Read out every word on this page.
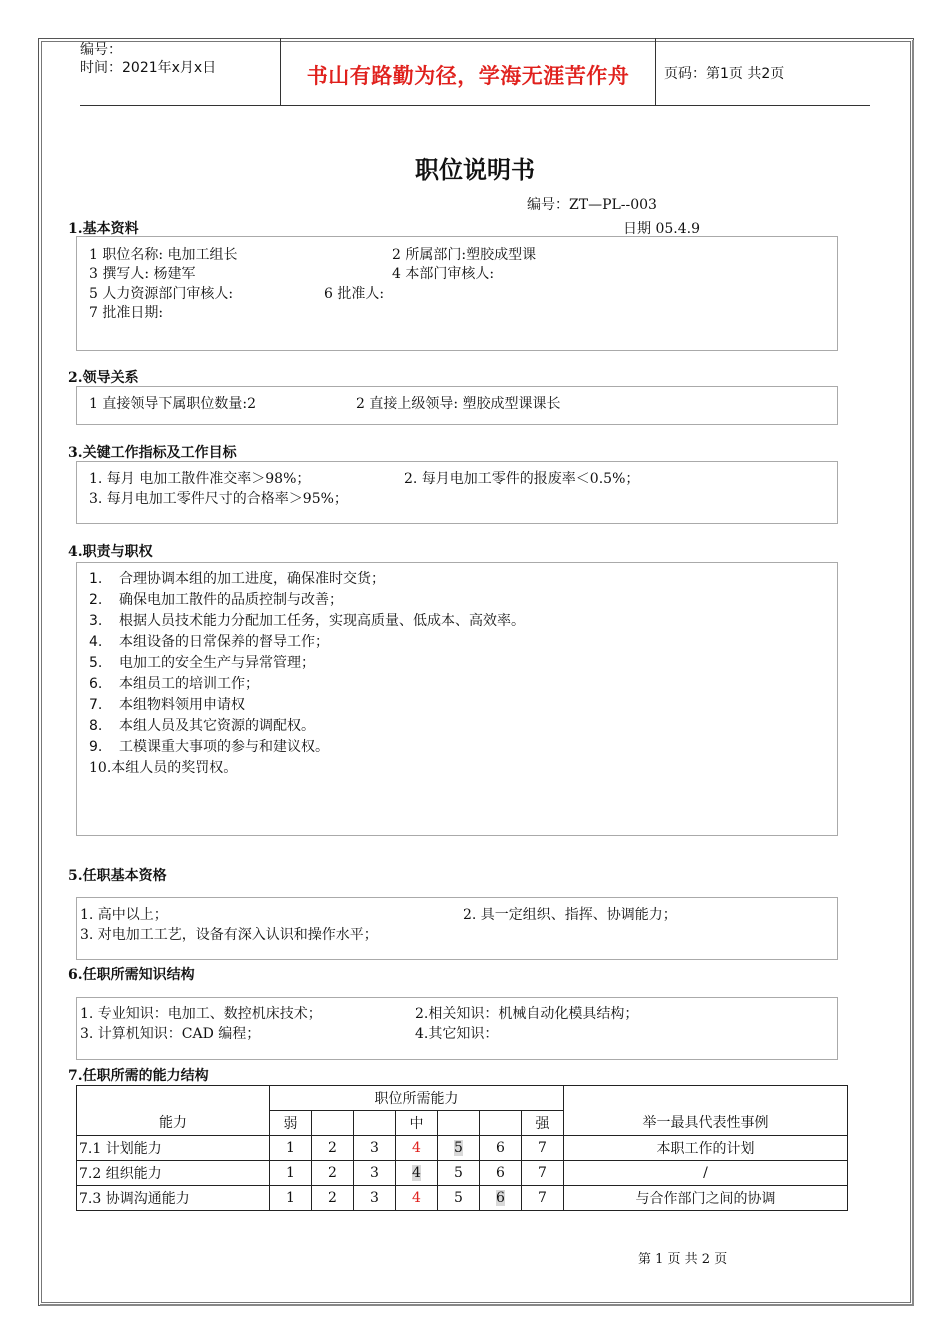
编号：
时间：2021年x月x日	书山有路勤为径，学海无涯苦作舟	页码：第1页 共2页
职位说明书
编号：ZT—PL--003
日期 05.4.9
1.基本资料
1 职位名称: 电加工组长	2 所属部门:塑胶成型课
3 撰写人: 杨建军	4 本部门审核人:
5 人力资源部门审核人:	6 批准人:
7 批准日期:
2.领导关系
1 直接领导下属职位数量:2	2 直接上级领导: 塑胶成型课课长
3.关键工作指标及工作目标
1. 每月 电加工散件准交率＞98%；	2. 每月电加工零件的报废率＜0.5%；
3. 每月电加工零件尺寸的合格率＞95%；
4.职责与职权
1. 合理协调本组的加工进度，确保准时交货；
2. 确保电加工散件的品质控制与改善；
3. 根据人员技术能力分配加工任务，实现高质量、低成本、高效率。
4. 本组设备的日常保养的督导工作；
5. 电加工的安全生产与异常管理；
6. 本组员工的培训工作；
7. 本组物料领用申请权
8. 本组人员及其它资源的调配权。
9. 工模课重大事项的参与和建议权。
10.本组人员的奖罚权。
5.任职基本资格
1. 高中以上；	2. 具一定组织、指挥、协调能力；
3. 对电加工工艺，设备有深入认识和操作水平；
6.任职所需知识结构
1. 专业知识：电加工、数控机床技术；	2.相关知识：机械自动化模具结构；
3. 计算机知识：CAD 编程；	4.其它知识：
7.任职所需的能力结构
能力	职位所需能力							举一最具代表性事例
	弱			中			强	
7.1 计划能力	1	2	3	4	5	6	7	本职工作的计划
7.2 组织能力	1	2	3	4	5	6	7	/
7.3 协调沟通能力	1	2	3	4	5	6	7	与合作部门之间的协调
第 1 页 共 2 页
